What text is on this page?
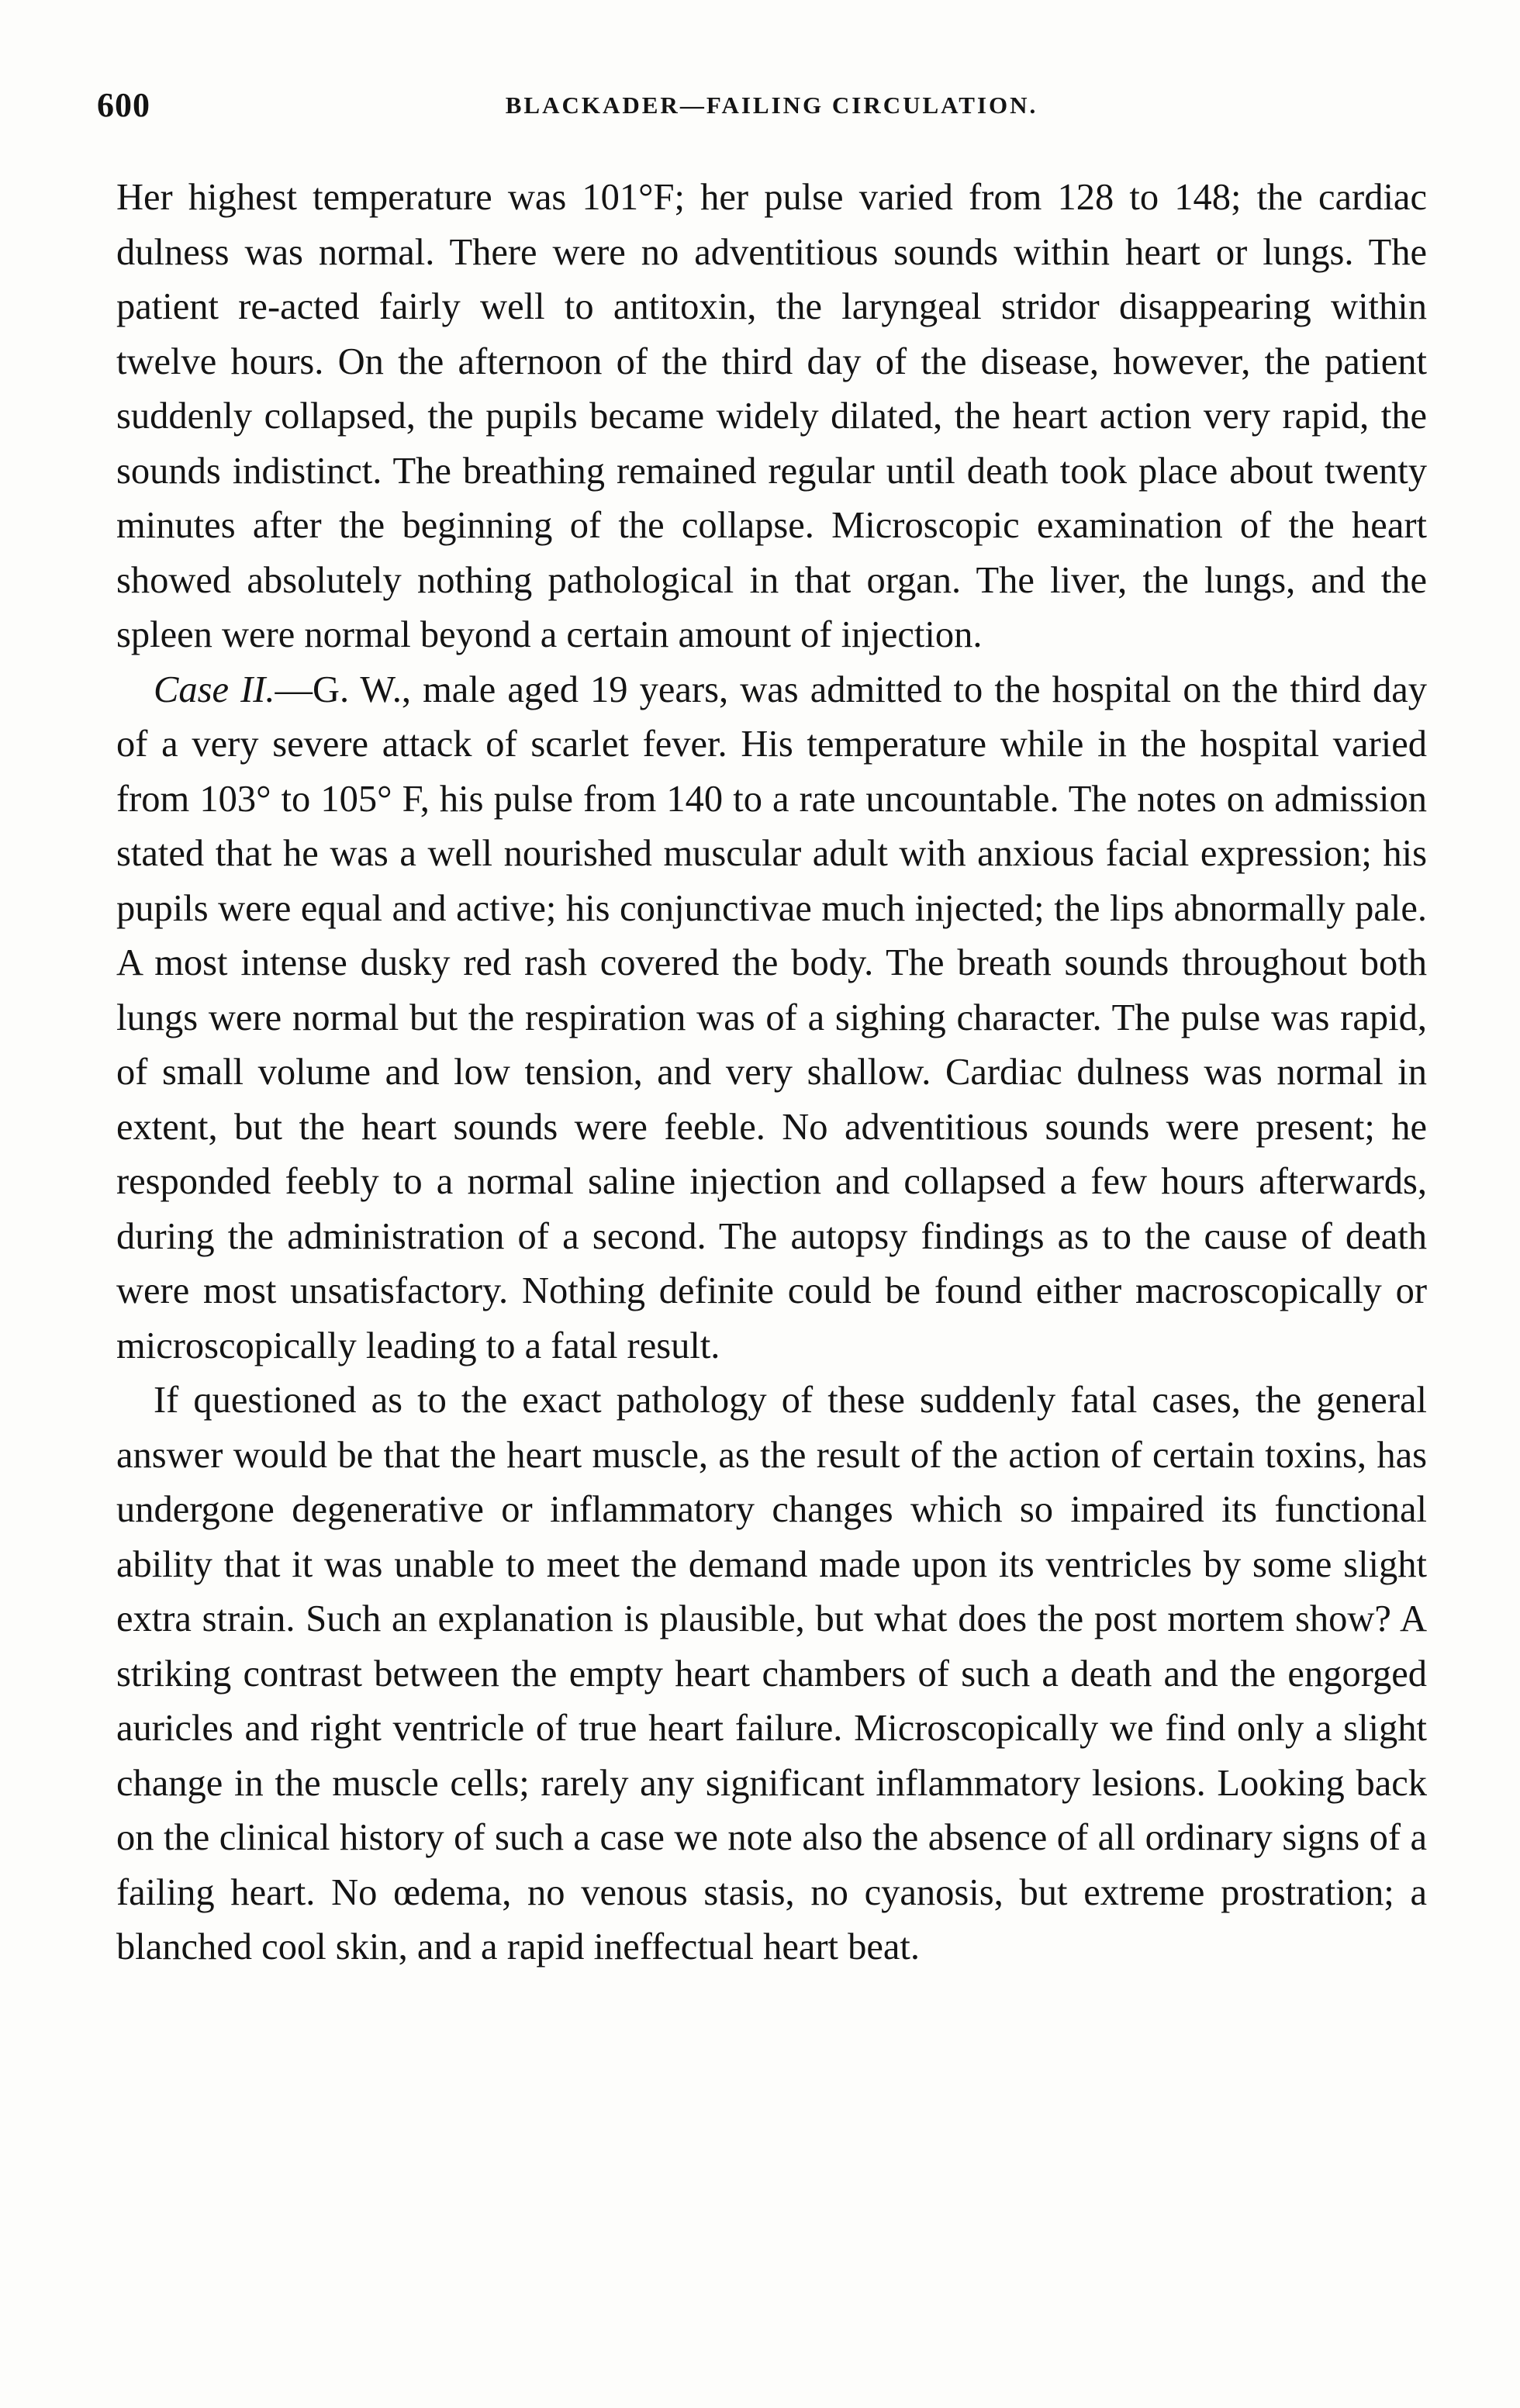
600	BLACKADER—FAILING CIRCULATION.

Her highest temperature was 101°F; her pulse varied from 128 to 148; the cardiac dulness was normal. There were no adventitious sounds within heart or lungs. The patient re-acted fairly well to antitoxin, the laryngeal stridor disappearing within twelve hours. On the afternoon of the third day of the disease, however, the patient suddenly collapsed, the pupils became widely dilated, the heart action very rapid, the sounds indistinct. The breathing remained regular until death took place about twenty minutes after the beginning of the collapse. Microscopic examination of the heart showed absolutely nothing pathological in that organ. The liver, the lungs, and the spleen were normal beyond a certain amount of injection.

Case II.—G. W., male aged 19 years, was admitted to the hospital on the third day of a very severe attack of scarlet fever. His temperature while in the hospital varied from 103° to 105° F, his pulse from 140 to a rate uncountable. The notes on admission stated that he was a well nourished muscular adult with anxious facial expression; his pupils were equal and active; his conjunctivae much injected; the lips abnormally pale. A most intense dusky red rash covered the body. The breath sounds throughout both lungs were normal but the respiration was of a sighing character. The pulse was rapid, of small volume and low tension, and very shallow. Cardiac dulness was normal in extent, but the heart sounds were feeble. No adventitious sounds were present; he responded feebly to a normal saline injection and collapsed a few hours afterwards, during the administration of a second. The autopsy findings as to the cause of death were most unsatisfactory. Nothing definite could be found either macroscopically or microscopically leading to a fatal result.

If questioned as to the exact pathology of these suddenly fatal cases, the general answer would be that the heart muscle, as the result of the action of certain toxins, has undergone degenerative or inflammatory changes which so impaired its functional ability that it was unable to meet the demand made upon its ventricles by some slight extra strain. Such an explanation is plausible, but what does the post mortem show? A striking contrast between the empty heart chambers of such a death and the engorged auricles and right ventricle of true heart failure. Microscopically we find only a slight change in the muscle cells; rarely any significant inflammatory lesions. Looking back on the clinical history of such a case we note also the absence of all ordinary signs of a failing heart. No œdema, no venous stasis, no cyanosis, but extreme prostration; a blanched cool skin, and a rapid ineffectual heart beat.
